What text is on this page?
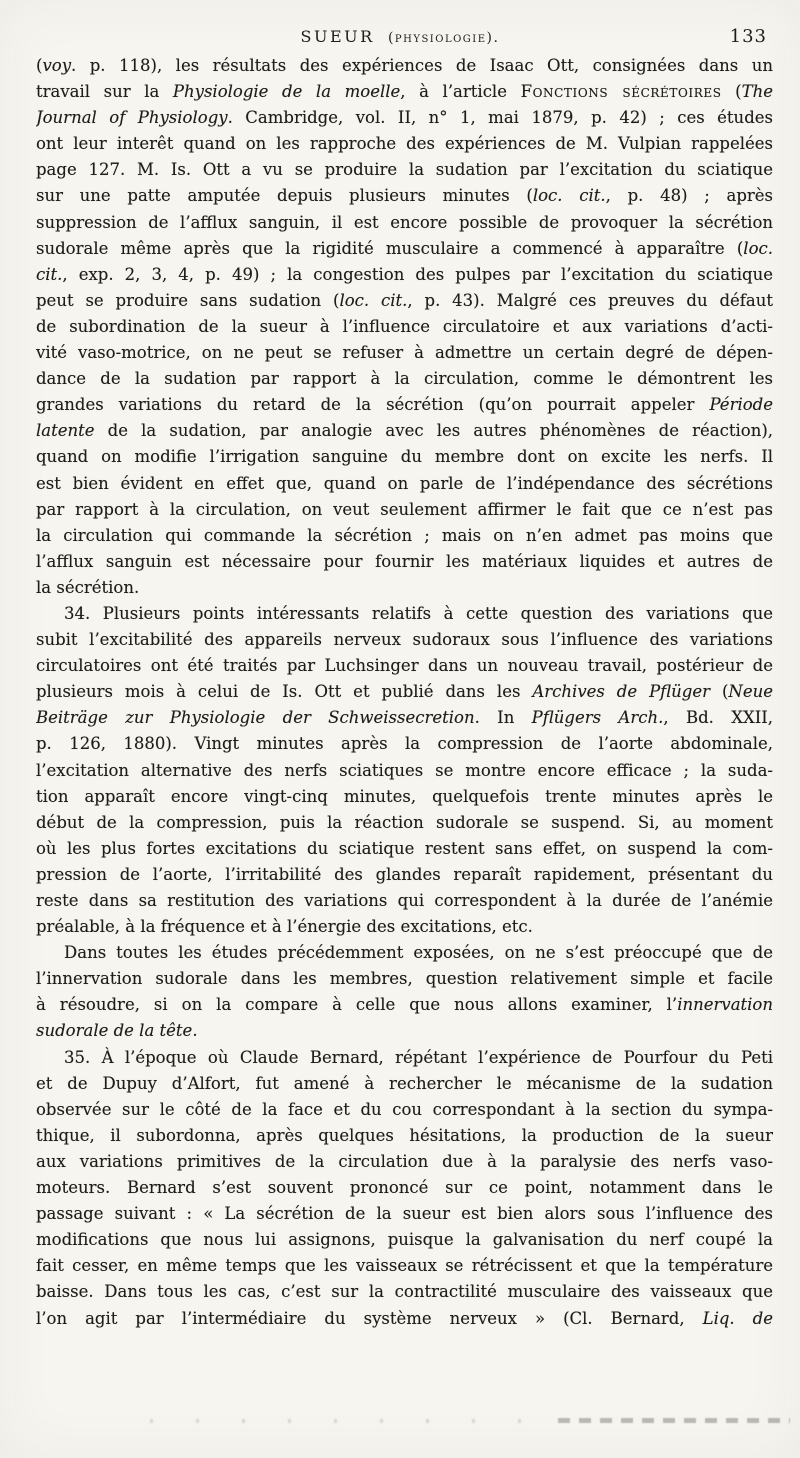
SUEUR (physiologie).	133
(voy. p. 118), les résultats des expériences de Isaac Ott, consignées dans un
travail sur la Physiologie de la moelle, à l’article Fonctions sécrétoires (The
Journal of Physiology. Cambridge, vol. II, n° 1, mai 1879, p. 42) ; ces études
ont leur interêt quand on les rapproche des expériences de M. Vulpian rappelées
page 127. M. Is. Ott a vu se produire la sudation par l’excitation du sciatique
sur une patte amputée depuis plusieurs minutes (loc. cit., p. 48) ; après
suppression de l’afflux sanguin, il est encore possible de provoquer la sécrétion
sudorale même après que la rigidité musculaire a commencé à apparaître (loc.
cit., exp. 2, 3, 4, p. 49) ; la congestion des pulpes par l’excitation du sciatique
peut se produire sans sudation (loc. cit., p. 43). Malgré ces preuves du défaut
de subordination de la sueur à l’influence circulatoire et aux variations d’acti-
vité vaso-motrice, on ne peut se refuser à admettre un certain degré de dépen-
dance de la sudation par rapport à la circulation, comme le démontrent les
grandes variations du retard de la sécrétion (qu’on pourrait appeler Période
latente de la sudation, par analogie avec les autres phénomènes de réaction),
quand on modifie l’irrigation sanguine du membre dont on excite les nerfs. Il
est bien évident en effet que, quand on parle de l’indépendance des sécrétions
par rapport à la circulation, on veut seulement affirmer le fait que ce n’est pas
la circulation qui commande la sécrétion ; mais on n’en admet pas moins que
l’afflux sanguin est nécessaire pour fournir les matériaux liquides et autres de
la sécrétion.
34. Plusieurs points intéressants relatifs à cette question des variations que
subit l’excitabilité des appareils nerveux sudoraux sous l’influence des variations
circulatoires ont été traités par Luchsinger dans un nouveau travail, postérieur de
plusieurs mois à celui de Is. Ott et publié dans les Archives de Pflüger (Neue
Beiträge zur Physiologie der Schweissecretion. In Pflügers Arch., Bd. XXII,
p. 126, 1880). Vingt minutes après la compression de l’aorte abdominale,
l’excitation alternative des nerfs sciatiques se montre encore efficace ; la suda-
tion apparaît encore vingt-cinq minutes, quelquefois trente minutes après le
début de la compression, puis la réaction sudorale se suspend. Si, au moment
où les plus fortes excitations du sciatique restent sans effet, on suspend la com-
pression de l’aorte, l’irritabilité des glandes reparaît rapidement, présentant du
reste dans sa restitution des variations qui correspondent à la durée de l’anémie
préalable, à la fréquence et à l’énergie des excitations, etc.
Dans toutes les études précédemment exposées, on ne s’est préoccupé que de
l’innervation sudorale dans les membres, question relativement simple et facile
à résoudre, si on la compare à celle que nous allons examiner, l’innervation
sudorale de la tête.
35. À l’époque où Claude Bernard, répétant l’expérience de Pourfour du Peti
et de Dupuy d’Alfort, fut amené à rechercher le mécanisme de la sudation
observée sur le côté de la face et du cou correspondant à la section du sympa-
thique, il subordonna, après quelques hésitations, la production de la sueur
aux variations primitives de la circulation due à la paralysie des nerfs vaso-
moteurs. Bernard s’est souvent prononcé sur ce point, notamment dans le
passage suivant : « La sécrétion de la sueur est bien alors sous l’influence des
modifications que nous lui assignons, puisque la galvanisation du nerf coupé la
fait cesser, en même temps que les vaisseaux se rétrécissent et que la température
baisse. Dans tous les cas, c’est sur la contractilité musculaire des vaisseaux que
l’on agit par l’intermédiaire du système nerveux » (Cl. Bernard, Liq. de
